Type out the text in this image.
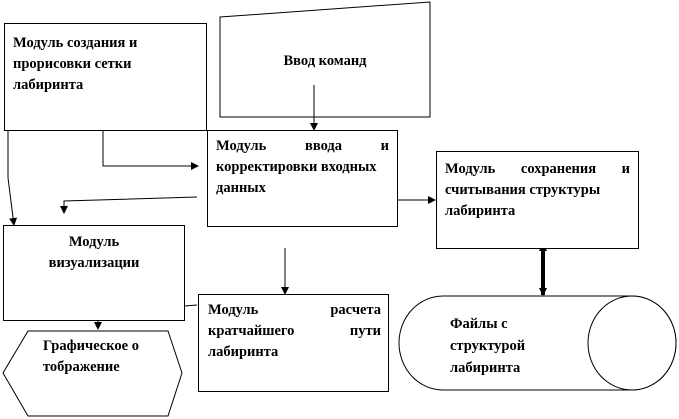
Модуль создания и прорисовки сетки лабиринта
Ввод команд
Модуль ввода и
корректировки входных данных
Модуль сохранения и
считывания структуры лабиринта
Модуль визуализации
Модуль расчета
кратчайшего пути
лабиринта
Графическое отображение
Файлы с структурой лабиринта
